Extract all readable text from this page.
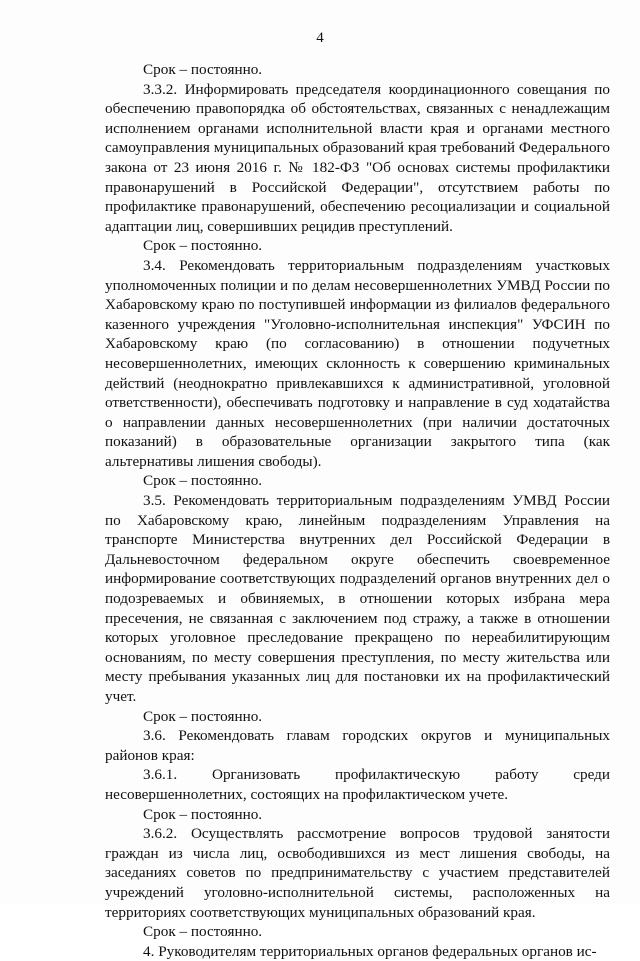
4

Срок – постоянно.

3.3.2. Информировать председателя координационного совещания по обеспечению правопорядка об обстоятельствах, связанных с ненадлежащим исполнением органами исполнительной власти края и органами местного самоуправления муниципальных образований края требований Федерального закона от 23 июня 2016 г. № 182-ФЗ "Об основах системы профилактики правонарушений в Российской Федерации", отсутствием работы по профилактике правонарушений, обеспечению ресоциализации и социальной адаптации лиц, совершивших рецидив преступлений.

Срок – постоянно.

3.4. Рекомендовать территориальным подразделениям участковых уполномоченных полиции и по делам несовершеннолетних УМВД России по Хабаровскому краю по поступившей информации из филиалов федерального казенного учреждения "Уголовно-исполнительная инспекция" УФСИН по Хабаровскому краю (по согласованию) в отношении подучетных несовершеннолетних, имеющих склонность к совершению криминальных действий (неоднократно привлекавшихся к административной, уголовной ответственности), обеспечивать подготовку и направление в суд ходатайства о направлении данных несовершеннолетних (при наличии достаточных показаний) в образовательные организации закрытого типа (как альтернативы лишения свободы).

Срок – постоянно.

3.5. Рекомендовать территориальным подразделениям УМВД России по Хабаровскому краю, линейным подразделениям Управления на транспорте Министерства внутренних дел Российской Федерации в Дальневосточном федеральном округе обеспечить своевременное информирование соответствующих подразделений органов внутренних дел о подозреваемых и обвиняемых, в отношении которых избрана мера пресечения, не связанная с заключением под стражу, а также в отношении которых уголовное преследование прекращено по нереабилитирующим основаниям, по месту совершения преступления, по месту жительства или месту пребывания указанных лиц для постановки их на профилактический учет.

Срок – постоянно.

3.6. Рекомендовать главам городских округов и муниципальных районов края:

3.6.1. Организовать профилактическую работу среди несовершеннолетних, состоящих на профилактическом учете.

Срок – постоянно.

3.6.2. Осуществлять рассмотрение вопросов трудовой занятости граждан из числа лиц, освободившихся из мест лишения свободы, на заседаниях советов по предпринимательству с участием представителей учреждений уголовно-исполнительной системы, расположенных на территориях соответствующих муниципальных образований края.

Срок – постоянно.

4. Руководителям территориальных органов федеральных органов ис-
